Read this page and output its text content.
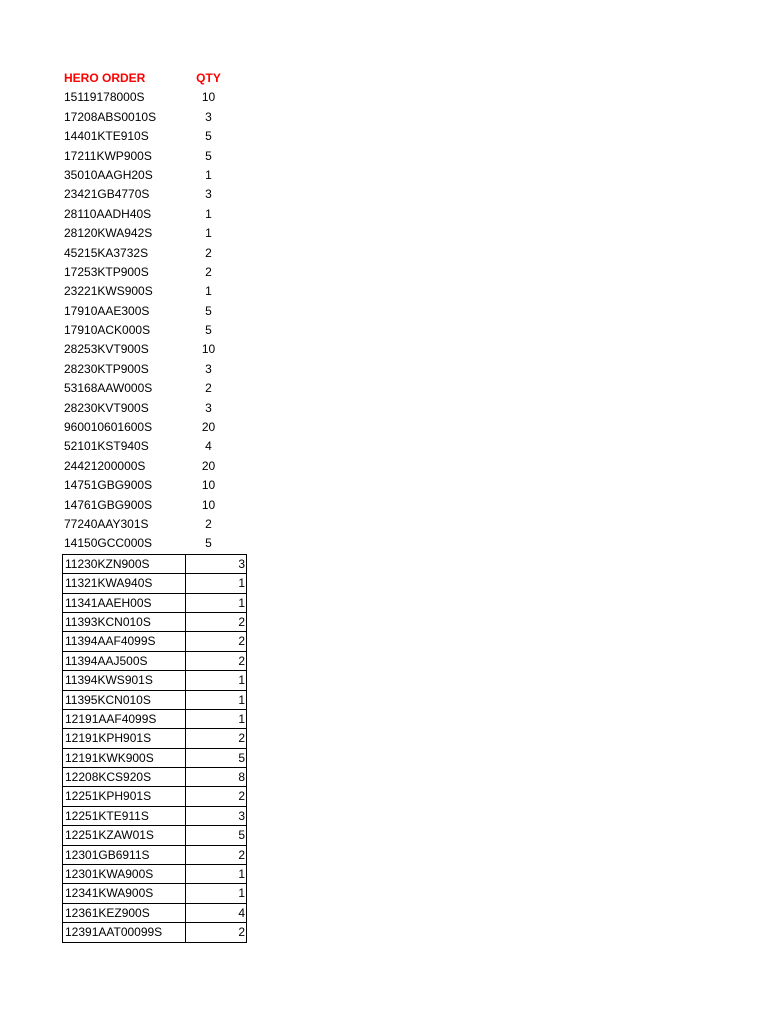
HERO ORDER	QTY
15119178000S	10
17208ABS0010S	3
14401KTE910S	5
17211KWP900S	5
35010AAGH20S	1
23421GB4770S	3
28110AADH40S	1
28120KWA942S	1
45215KA3732S	2
17253KTP900S	2
23221KWS900S	1
17910AAE300S	5
17910ACK000S	5
28253KVT900S	10
28230KTP900S	3
53168AAW000S	2
28230KVT900S	3
960010601600S	20
52101KST940S	4
24421200000S	20
14751GBG900S	10
14761GBG900S	10
77240AAY301S	2
14150GCC000S	5
11230KZN900S	3
11321KWA940S	1
11341AAEH00S	1
11393KCN010S	2
11394AAF4099S	2
11394AAJ500S	2
11394KWS901S	1
11395KCN010S	1
12191AAF4099S	1
12191KPH901S	2
12191KWK900S	5
12208KCS920S	8
12251KPH901S	2
12251KTE911S	3
12251KZAW01S	5
12301GB6911S	2
12301KWA900S	1
12341KWA900S	1
12361KEZ900S	4
12391AAT00099S	2
